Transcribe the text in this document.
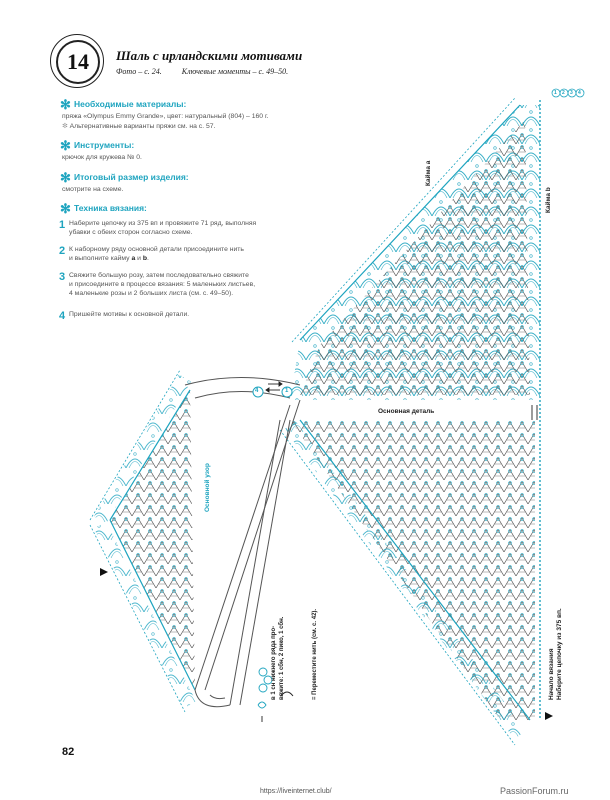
14	Шаль с ирландскими мотивами
Фото – с. 24.	Ключевые моменты – с. 49–50.
✻ Необходимые материалы:
пряжа «Olympus Emmy Grande», цвет: натуральный (804) – 160 г.
✼ Альтернативные варианты пряжи см. на с. 57.
✻ Инструменты:
крючок для кружева № 0.
✻ Итоговый размер изделия:
смотрите на схеме.
✻ Техника вязания:
1 Наберите цепочку из 375 вп и провяжите 71 ряд, выполняя
убавки с обеих сторон согласно схеме.
2 К наборному ряду основной детали присоедините нить
и выполните кайму a и b.
3 Свяжите большую розу, затем последовательно свяжите
и присоедините в процессе вязания: 5 маленьких листьев,
4 маленькие розы и 2 больших листа (см. с. 49–50).
4 Пришейте мотивы к основной детали.
4	1
1 2 3 4
Кайма a
Кайма b
Основная деталь
Основной узор
Начало вязания Наберите цепочку из 375 вп.
в 1 сн нижнего ряда про- вяжите: 1 сбн, 2 пико, 1 сбн.	= Переместите нить (см. с. 42).
82
https://liveinternet.club/	PassionForum.ru
